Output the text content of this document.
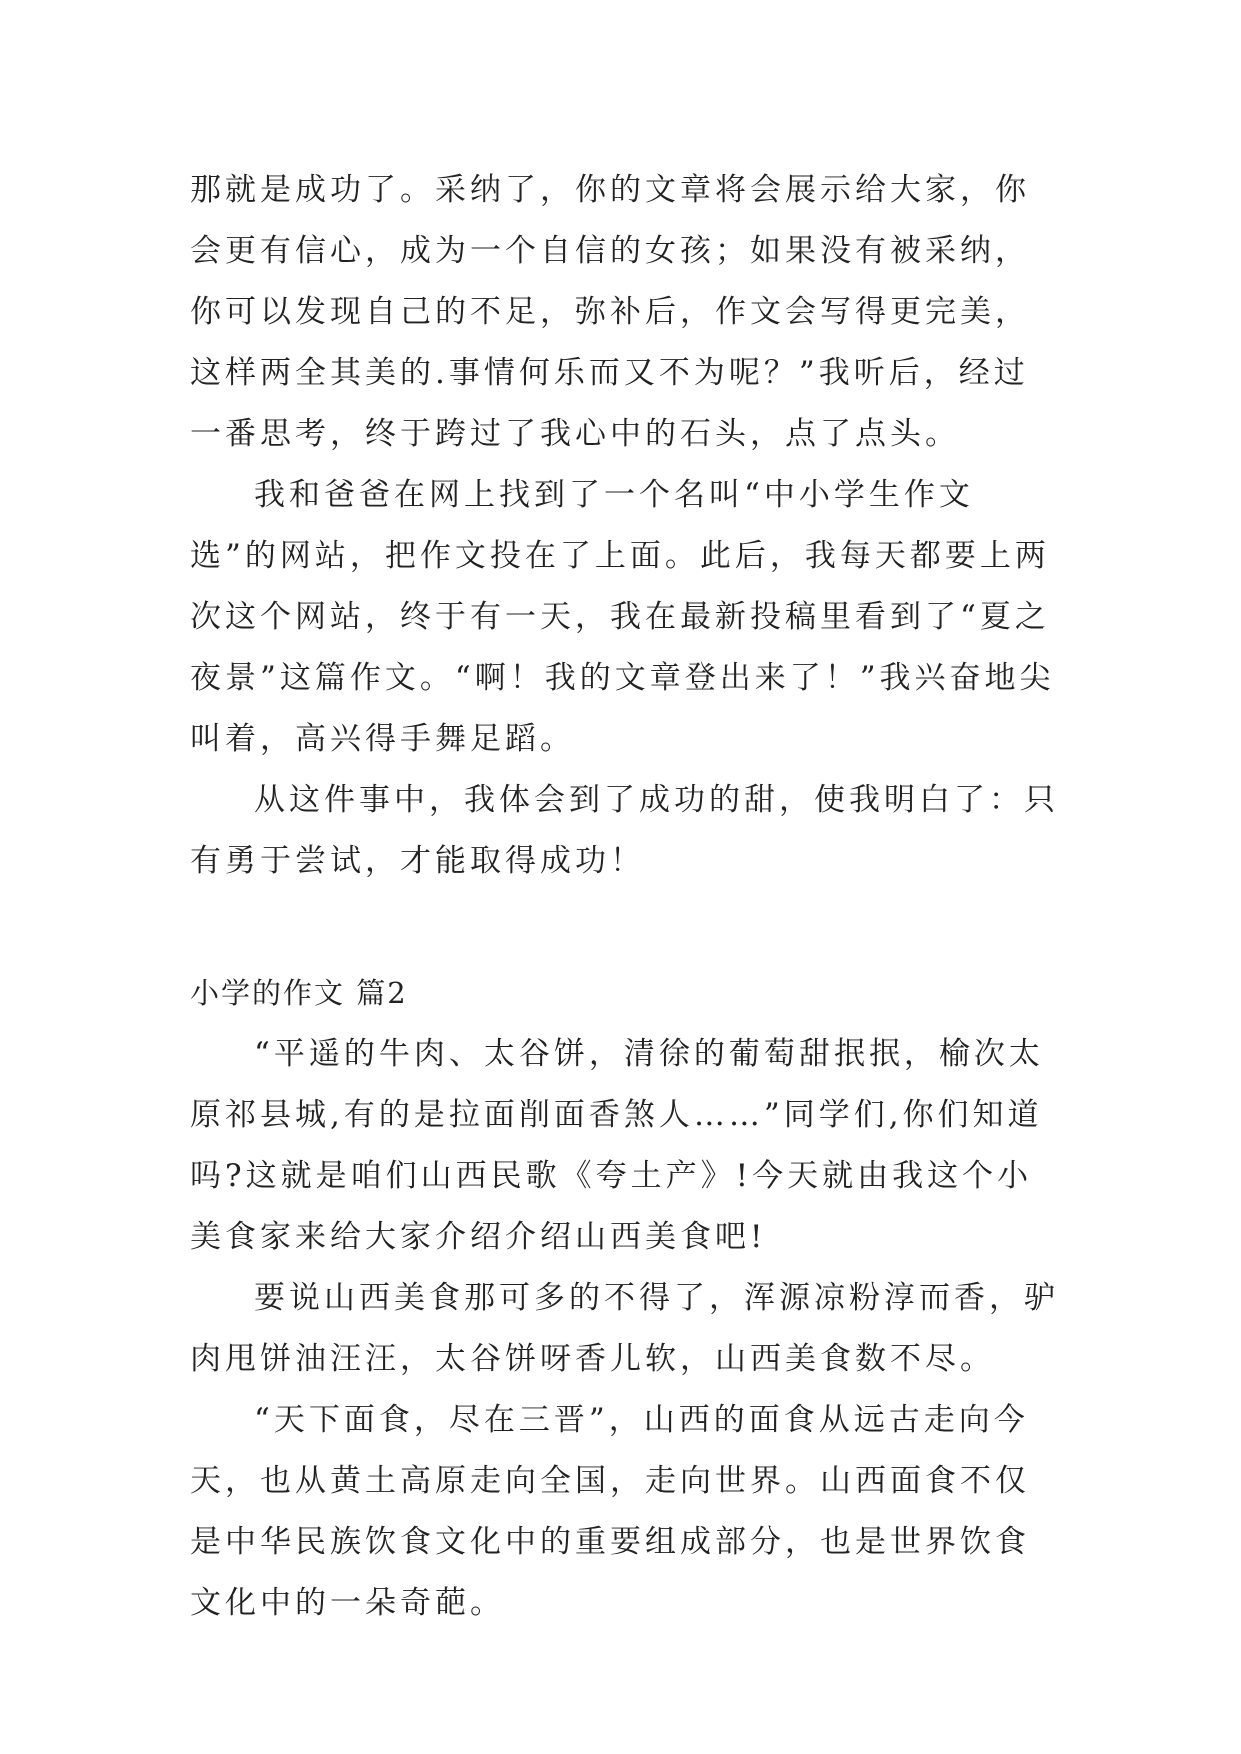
那就是成功了。采纳了，你的文章将会展示给大家，你会更有信心，成为一个自信的女孩；如果没有被采纳，你可以发现自己的不足，弥补后，作文会写得更完美，这样两全其美的.事情何乐而又不为呢？”我听后，经过一番思考，终于跨过了我心中的石头，点了点头。

我和爸爸在网上找到了一个名叫“中小学生作文选”的网站，把作文投在了上面。此后，我每天都要上两次这个网站，终于有一天，我在最新投稿里看到了“夏之夜景”这篇作文。“啊！我的文章登出来了！”我兴奋地尖叫着，高兴得手舞足蹈。

从这件事中，我体会到了成功的甜，使我明白了：只有勇于尝试，才能取得成功！

小学的作文 篇2

“平遥的牛肉、太谷饼，清徐的葡萄甜抿抿，榆次太原祁县城,有的是拉面削面香煞人……”同学们,你们知道吗?这就是咱们山西民歌《夸土产》!今天就由我这个小美食家来给大家介绍介绍山西美食吧!

要说山西美食那可多的不得了，浑源凉粉淳而香，驴肉甩饼油汪汪，太谷饼呀香儿软，山西美食数不尽。

“天下面食，尽在三晋”，山西的面食从远古走向今天，也从黄土高原走向全国，走向世界。山西面食不仅是中华民族饮食文化中的重要组成部分，也是世界饮食文化中的一朵奇葩。
